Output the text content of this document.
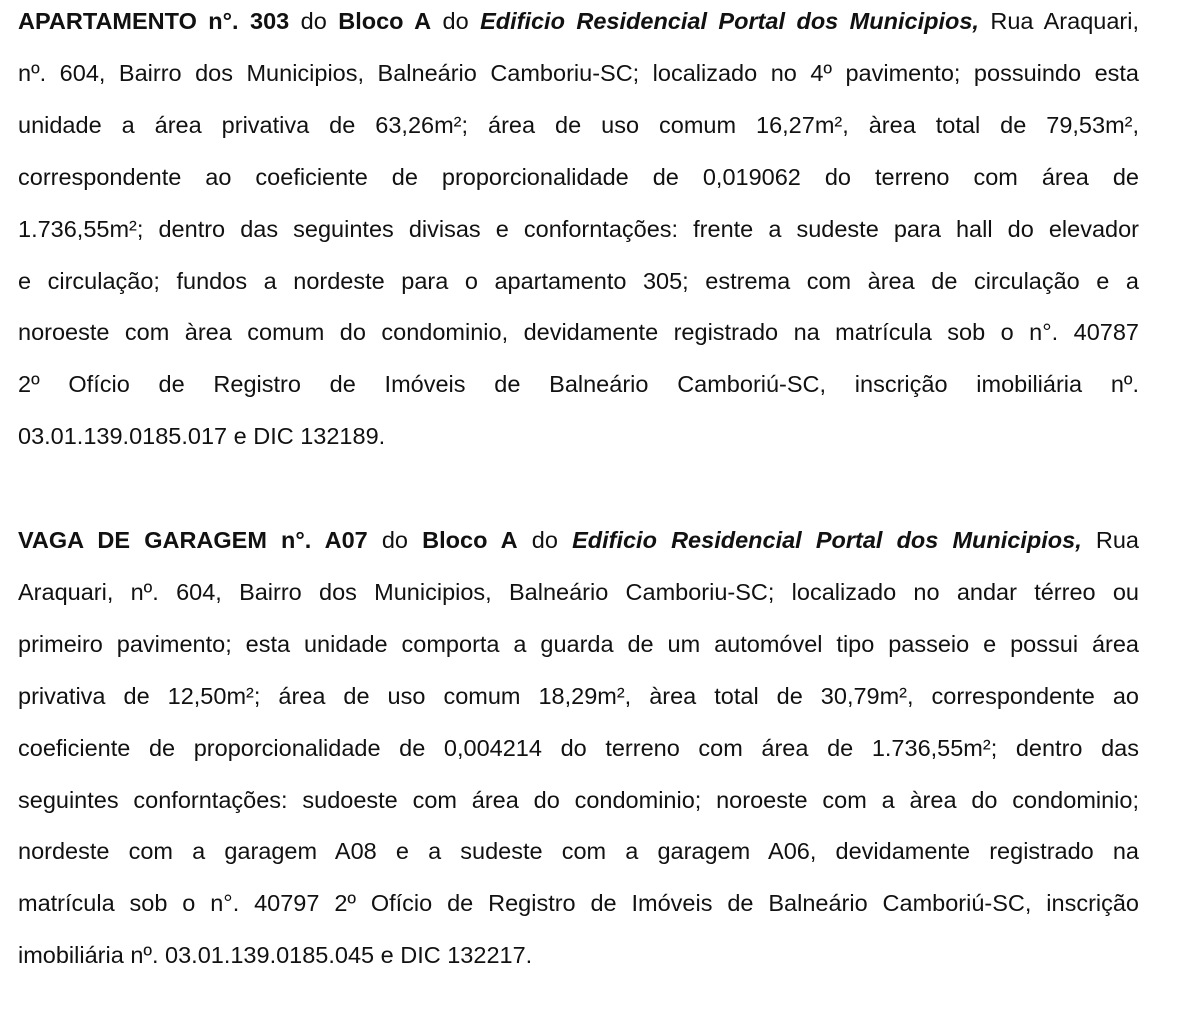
APARTAMENTO n°. 303 do Bloco A do Edificio Residencial Portal dos Municipios, Rua Araquari,
nº. 604, Bairro dos Municipios, Balneário Camboriu-SC; localizado no 4º pavimento; possuindo esta
unidade a área privativa de 63,26m²; área de uso comum 16,27m², àrea total de 79,53m²,
correspondente ao coeficiente de proporcionalidade de 0,019062 do terreno com área de
1.736,55m²; dentro das seguintes divisas e conforntações: frente a sudeste para hall do elevador
e circulação; fundos a nordeste para o apartamento 305; estrema com àrea de circulação e a
noroeste com àrea comum do condominio, devidamente registrado na matrícula sob o n°. 40787
2º Ofício de Registro de Imóveis de Balneário Camboriú-SC, inscrição imobiliária nº.
03.01.139.0185.017 e DIC 132189.
VAGA DE GARAGEM n°. A07 do Bloco A do Edificio Residencial Portal dos Municipios, Rua
Araquari, nº. 604, Bairro dos Municipios, Balneário Camboriu-SC; localizado no andar térreo ou
primeiro pavimento; esta unidade comporta a guarda de um automóvel tipo passeio e possui área
privativa de 12,50m²; área de uso comum 18,29m², àrea total de 30,79m², correspondente ao
coeficiente de proporcionalidade de 0,004214 do terreno com área de 1.736,55m²; dentro das
seguintes conforntações: sudoeste com área do condominio; noroeste com a àrea do condominio;
nordeste com a garagem A08 e a sudeste com a garagem A06, devidamente registrado na
matrícula sob o n°. 40797 2º Ofício de Registro de Imóveis de Balneário Camboriú-SC, inscrição
imobiliária nº. 03.01.139.0185.045 e DIC 132217.
